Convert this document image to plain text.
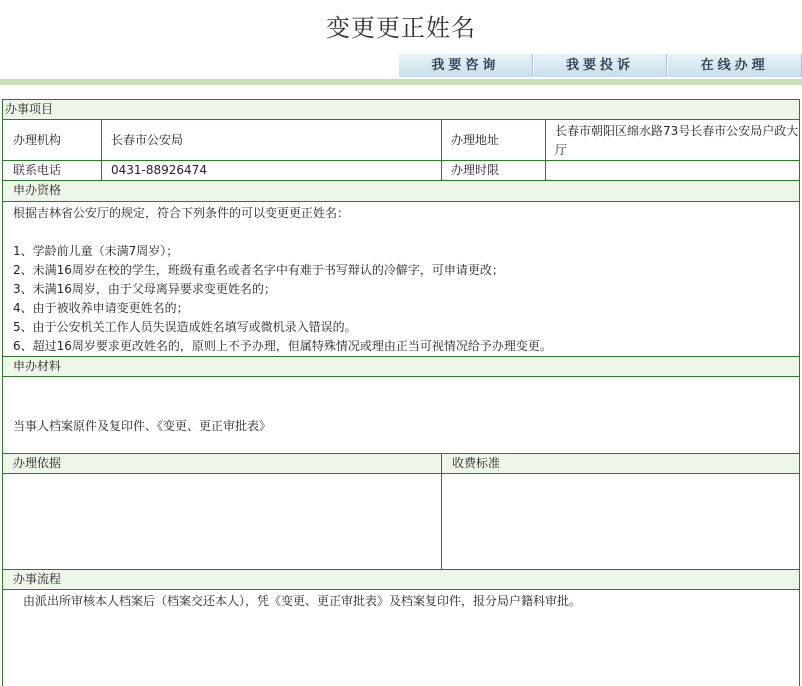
变更更正姓名
我要咨询	我要投诉	在线办理
办事项目
办理机构	长春市公安局	办理地址
长春市朝阳区绵水路73号长春市公安局户政大厅
联系电话	0431-88926474	办理时限
申办资格
根据吉林省公安厅的规定，符合下列条件的可以变更更正姓名：
1、学龄前儿童（未满7周岁）；
2、未满16周岁在校的学生，班级有重名或者名字中有难于书写辩认的冷僻字，可申请更改；
3、未满16周岁，由于父母离异要求变更姓名的；
4、由于被收养申请变更姓名的；
5、由于公安机关工作人员失误造成姓名填写或微机录入错误的。
6、超过16周岁要求更改姓名的，原则上不予办理，但属特殊情况或理由正当可视情况给予办理变更。
申办材料
当事人档案原件及复印件、《变更、更正审批表》
办理依据	收费标准
办事流程
由派出所审核本人档案后（档案交还本人），凭《变更、更正审批表》及档案复印件，报分局户籍科审批。
